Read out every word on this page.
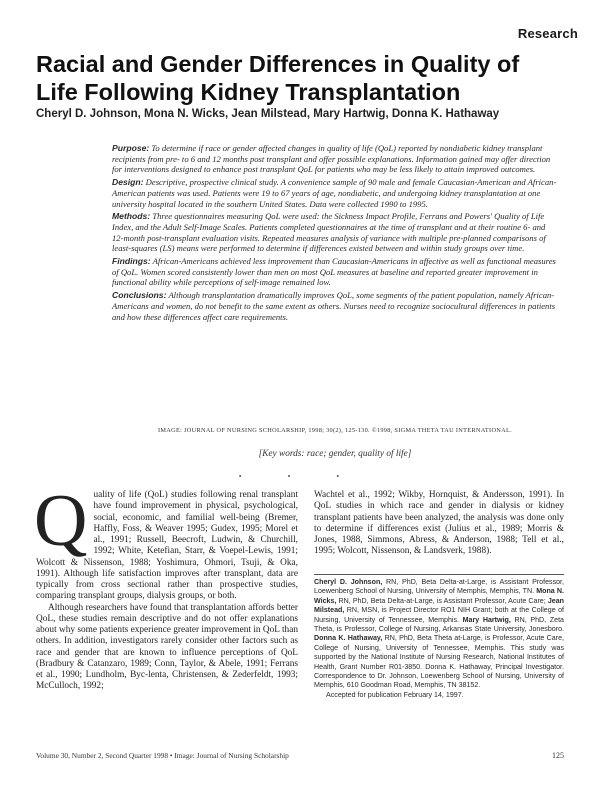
Research
Racial and Gender Differences in Quality of Life Following Kidney Transplantation
Cheryl D. Johnson, Mona N. Wicks, Jean Milstead, Mary Hartwig, Donna K. Hathaway

Purpose: To determine if race or gender affected changes in quality of life (QoL) reported by nondiabetic kidney transplant recipients from pre- to 6 and 12 months post transplant and offer possible explanations. Information gained may offer direction for interventions designed to enhance post transplant QoL for patients who may be less likely to attain improved outcomes.

Design: Descriptive, prospective clinical study. A convenience sample of 90 male and female Caucasian-American and African-American patients was used. Patients were 19 to 67 years of age, nondiabetic, and undergoing kidney transplantation at one university hospital located in the southern United States. Data were collected 1990 to 1995.

Methods: Three questionnaires measuring QoL were used: the Sickness Impact Profile, Ferrans and Powers' Quality of Life Index, and the Adult Self-Image Scales. Patients completed questionnaires at the time of transplant and at their routine 6- and 12-month post-transplant evaluation visits. Repeated measures analysis of variance with multiple pre-planned comparisons of least-squares (LS) means were performed to determine if differences existed between and within study groups over time.

Findings: African-Americans achieved less improvement than Caucasian-Americans in affective as well as functional measures of QoL. Women scored consistently lower than men on most QoL measures at baseline and reported greater improvement in functional ability while perceptions of self-image remained low.

Conclusions: Although transplantation dramatically improves QoL, some segments of the patient population, namely African-Americans and women, do not benefit to the same extent as others. Nurses need to recognize sociocultural differences in patients and how these differences affect care requirements.

IMAGE: JOURNAL OF NURSING SCHOLARSHIP, 1998; 30(2), 125-130. ©1998, SIGMA THETA TAU INTERNATIONAL.
[Key words: race; gender, quality of life]
• • •

Quality of life (QoL) studies following renal transplant have found improvement in physical, psychological, social, economic, and familial well-being (Bremer, Haffly, Foss, & Weaver 1995; Gudex, 1995; Morel et al., 1991; Russell, Beecroft, Ludwin, & Churchill, 1992; White, Ketefian, Starr, & Voepel-Lewis, 1991; Wolcott & Nissenson, 1988; Yoshimura, Ohmori, Tsuji, & Oka, 1991). Although life satisfaction improves after transplant, data are typically from cross sectional rather than prospective studies, comparing transplant groups, dialysis groups, or both.

Although researchers have found that transplantation affords better QoL, these studies remain descriptive and do not offer explanations about why some patients experience greater improvement in QoL than others. In addition, investigators rarely consider other factors such as race and gender that are known to influence perceptions of QoL (Bradbury & Catanzaro, 1989; Conn, Taylor, & Abele, 1991; Ferrans et al., 1990; Lundholm, Byc-lenta, Christensen, & Zederfeldt, 1993; McCulloch, 1992;

Wachtel et al., 1992; Wikby, Hornquist, & Andersson, 1991). In QoL studies in which race and gender in dialysis or kidney transplant patients have been analyzed, the analysis was done only to determine if differences exist (Julius et al., 1989; Morris & Jones, 1988, Simmons, Abress, & Anderson, 1988; Tell et al., 1995; Wolcott, Nissenson, & Landsverk, 1988).

Cheryl D. Johnson, RN, PhD, Beta Delta-at-Large, is Assistant Professor, Loewenberg School of Nursing, University of Memphis, Memphis, TN. Mona N. Wicks, RN, PhD, Beta Delta-at-Large, is Assistant Professor, Acute Care; Jean Milstead, RN, MSN, is Project Director RO1 NIH Grant; both at the College of Nursing, University of Tennessee, Memphis. Mary Hartwig, RN, PhD, Zeta Theta, is Professor, College of Nursing, Arkansas State University, Jonesboro. Donna K. Hathaway, RN, PhD, Beta Theta at-Large, is Professor, Acute Care, College of Nursing, University of Tennessee, Memphis. This study was supported by the National Institute of Nursing Research, National Institutes of Health, Grant Number R01-3850. Donna K. Hathaway, Principal Investigator. Correspondence to Dr. Johnson, Loewenberg School of Nursing, University of Memphis, 610 Goodman Road, Memphis, TN 38152.
Accepted for publication February 14, 1997.
Volume 30, Number 2, Second Quarter 1998 • Image: Journal of Nursing Scholarship	125
